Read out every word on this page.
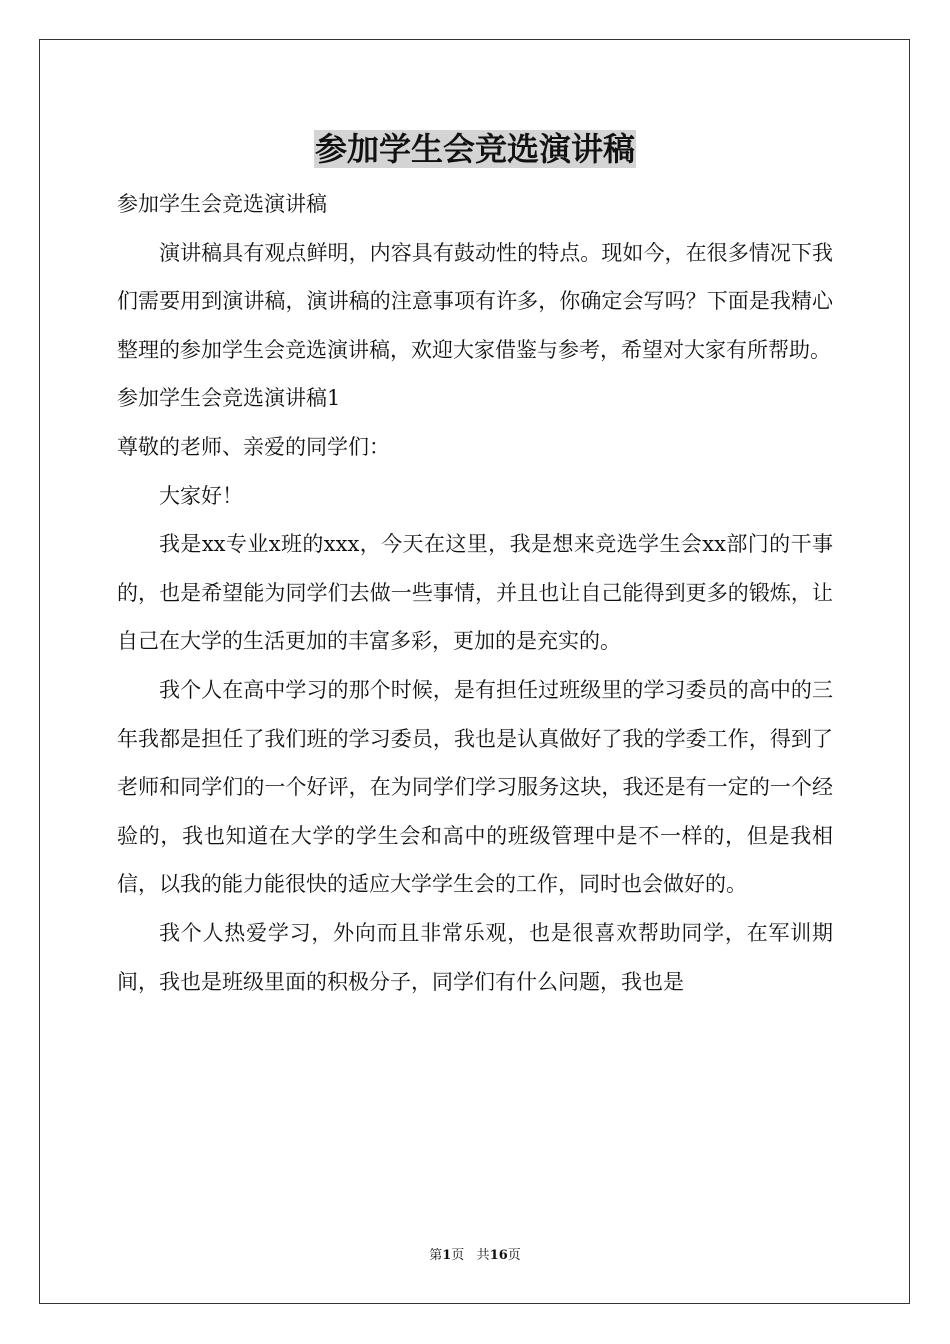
参加学生会竞选演讲稿

参加学生会竞选演讲稿

演讲稿具有观点鲜明，内容具有鼓动性的特点。现如今，在很多情况下我们需要用到演讲稿，演讲稿的注意事项有许多，你确定会写吗？下面是我精心整理的参加学生会竞选演讲稿，欢迎大家借鉴与参考，希望对大家有所帮助。

参加学生会竞选演讲稿1

尊敬的老师、亲爱的同学们：

大家好！

我是xx专业x班的xxx，今天在这里，我是想来竞选学生会xx部门的干事的，也是希望能为同学们去做一些事情，并且也让自己能得到更多的锻炼，让自己在大学的生活更加的丰富多彩，更加的是充实的。

我个人在高中学习的那个时候，是有担任过班级里的学习委员的高中的三年我都是担任了我们班的学习委员，我也是认真做好了我的学委工作，得到了老师和同学们的一个好评，在为同学们学习服务这块，我还是有一定的一个经验的，我也知道在大学的学生会和高中的班级管理中是不一样的，但是我相信，以我的能力能很快的适应大学学生会的工作，同时也会做好的。

我个人热爱学习，外向而且非常乐观，也是很喜欢帮助同学，在军训期间，我也是班级里面的积极分子，同学们有什么问题，我也是

第1页 共16页
